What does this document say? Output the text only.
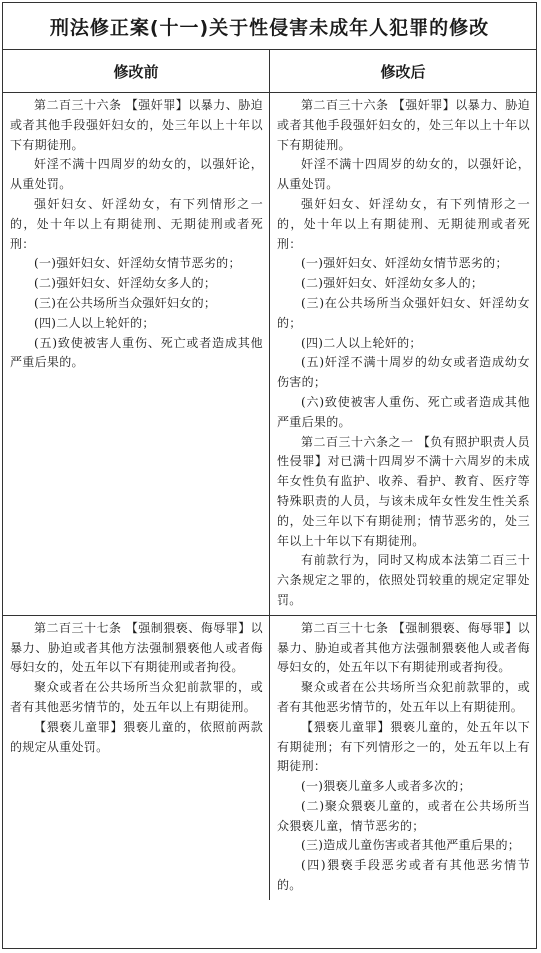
刑法修正案(十一)关于性侵害未成年人犯罪的修改
修改前	修改后

第二百三十六条 【强奸罪】以暴力、胁迫或者其他手段强奸妇女的，处三年以上十年以下有期徒刑。

奸淫不满十四周岁的幼女的，以强奸论，从重处罚。

强奸妇女、奸淫幼女，有下列情形之一的，处十年以上有期徒刑、无期徒刑或者死刑：

(一)强奸妇女、奸淫幼女情节恶劣的；

(二)强奸妇女、奸淫幼女多人的；

(三)在公共场所当众强奸妇女的；

(四)二人以上轮奸的；

(五)致使被害人重伤、死亡或者造成其他严重后果的。

第二百三十六条 【强奸罪】以暴力、胁迫或者其他手段强奸妇女的，处三年以上十年以下有期徒刑。

奸淫不满十四周岁的幼女的，以强奸论，从重处罚。

强奸妇女、奸淫幼女，有下列情形之一的，处十年以上有期徒刑、无期徒刑或者死刑：

(一)强奸妇女、奸淫幼女情节恶劣的；

(二)强奸妇女、奸淫幼女多人的；

(三)在公共场所当众强奸妇女、奸淫幼女的；

(四)二人以上轮奸的；

(五)奸淫不满十周岁的幼女或者造成幼女伤害的；

(六)致使被害人重伤、死亡或者造成其他严重后果的。

第二百三十六条之一 【负有照护职责人员性侵罪】对已满十四周岁不满十六周岁的未成年女性负有监护、收养、看护、教育、医疗等特殊职责的人员，与该未成年女性发生性关系的，处三年以下有期徒刑；情节恶劣的，处三年以上十年以下有期徒刑。

有前款行为，同时又构成本法第二百三十六条规定之罪的，依照处罚较重的规定定罪处罚。

第二百三十七条 【强制猥亵、侮辱罪】以暴力、胁迫或者其他方法强制猥亵他人或者侮辱妇女的，处五年以下有期徒刑或者拘役。

聚众或者在公共场所当众犯前款罪的，或者有其他恶劣情节的，处五年以上有期徒刑。

【猥亵儿童罪】猥亵儿童的，依照前两款的规定从重处罚。

第二百三十七条 【强制猥亵、侮辱罪】以暴力、胁迫或者其他方法强制猥亵他人或者侮辱妇女的，处五年以下有期徒刑或者拘役。

聚众或者在公共场所当众犯前款罪的，或者有其他恶劣情节的，处五年以上有期徒刑。

【猥亵儿童罪】猥亵儿童的，处五年以下有期徒刑；有下列情形之一的，处五年以上有期徒刑：

(一)猥亵儿童多人或者多次的；

(二)聚众猥亵儿童的，或者在公共场所当众猥亵儿童，情节恶劣的；

(三)造成儿童伤害或者其他严重后果的；

(四)猥亵手段恶劣或者有其他恶劣情节的。
